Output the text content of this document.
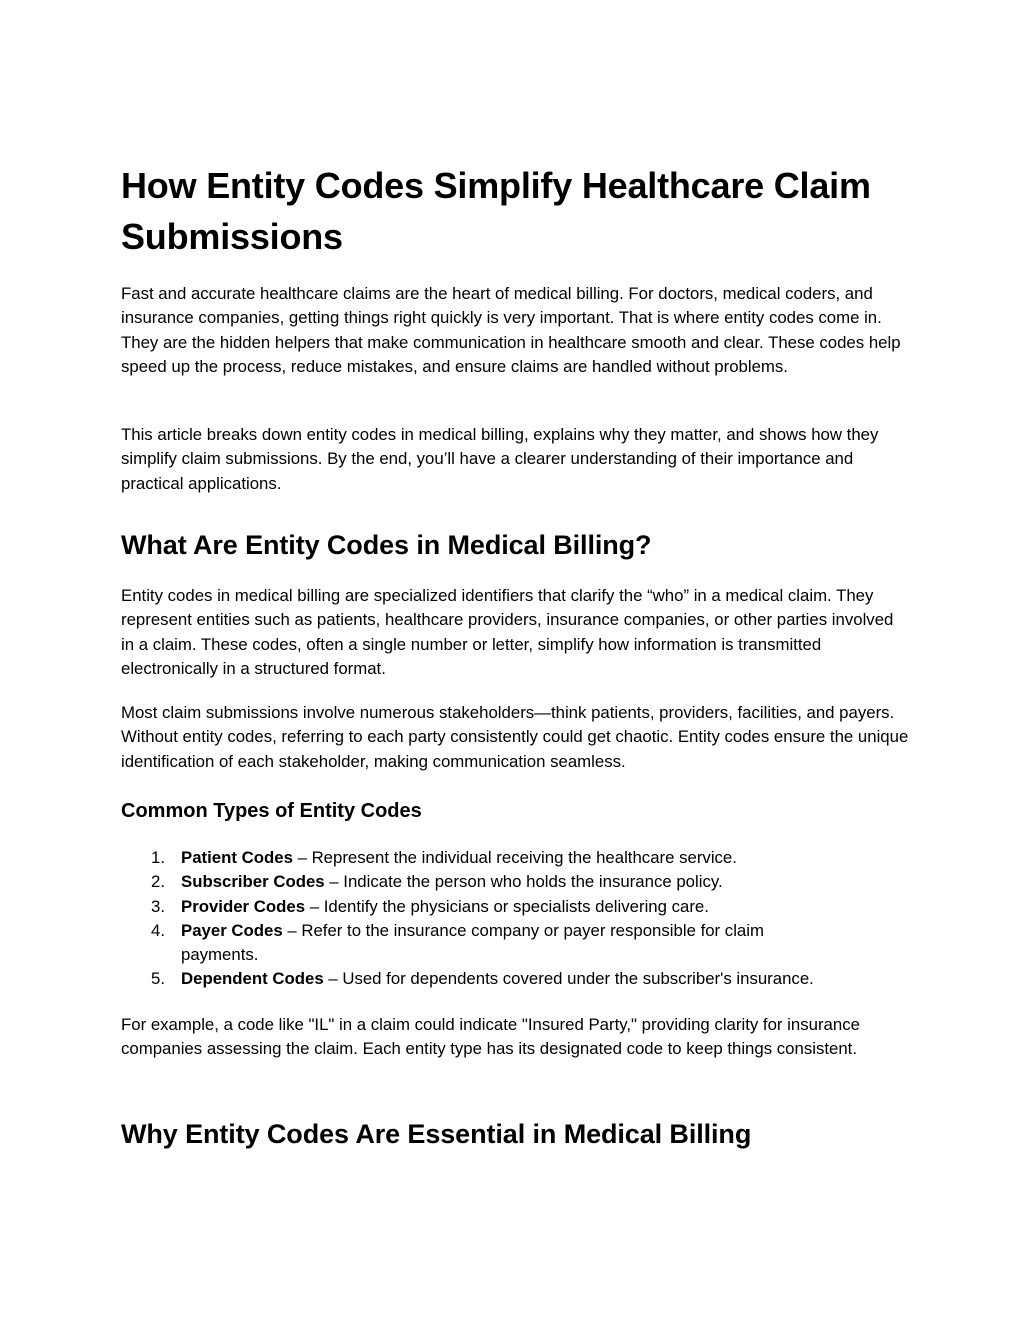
How Entity Codes Simplify Healthcare Claim Submissions

Fast and accurate healthcare claims are the heart of medical billing. For doctors, medical coders, and insurance companies, getting things right quickly is very important. That is where entity codes come in. They are the hidden helpers that make communication in healthcare smooth and clear. These codes help speed up the process, reduce mistakes, and ensure claims are handled without problems.

This article breaks down entity codes in medical billing, explains why they matter, and shows how they simplify claim submissions. By the end, you’ll have a clearer understanding of their importance and practical applications.

What Are Entity Codes in Medical Billing?

Entity codes in medical billing are specialized identifiers that clarify the “who” in a medical claim. They represent entities such as patients, healthcare providers, insurance companies, or other parties involved in a claim. These codes, often a single number or letter, simplify how information is transmitted electronically in a structured format.

Most claim submissions involve numerous stakeholders—think patients, providers, facilities, and payers. Without entity codes, referring to each party consistently could get chaotic. Entity codes ensure the unique identification of each stakeholder, making communication seamless.

Common Types of Entity Codes
1. Patient Codes – Represent the individual receiving the healthcare service.
2. Subscriber Codes – Indicate the person who holds the insurance policy.
3. Provider Codes – Identify the physicians or specialists delivering care.
4. Payer Codes – Refer to the insurance company or payer responsible for claim payments.
5. Dependent Codes – Used for dependents covered under the subscriber's insurance.

For example, a code like "IL" in a claim could indicate "Insured Party," providing clarity for insurance companies assessing the claim. Each entity type has its designated code to keep things consistent.

Why Entity Codes Are Essential in Medical Billing
